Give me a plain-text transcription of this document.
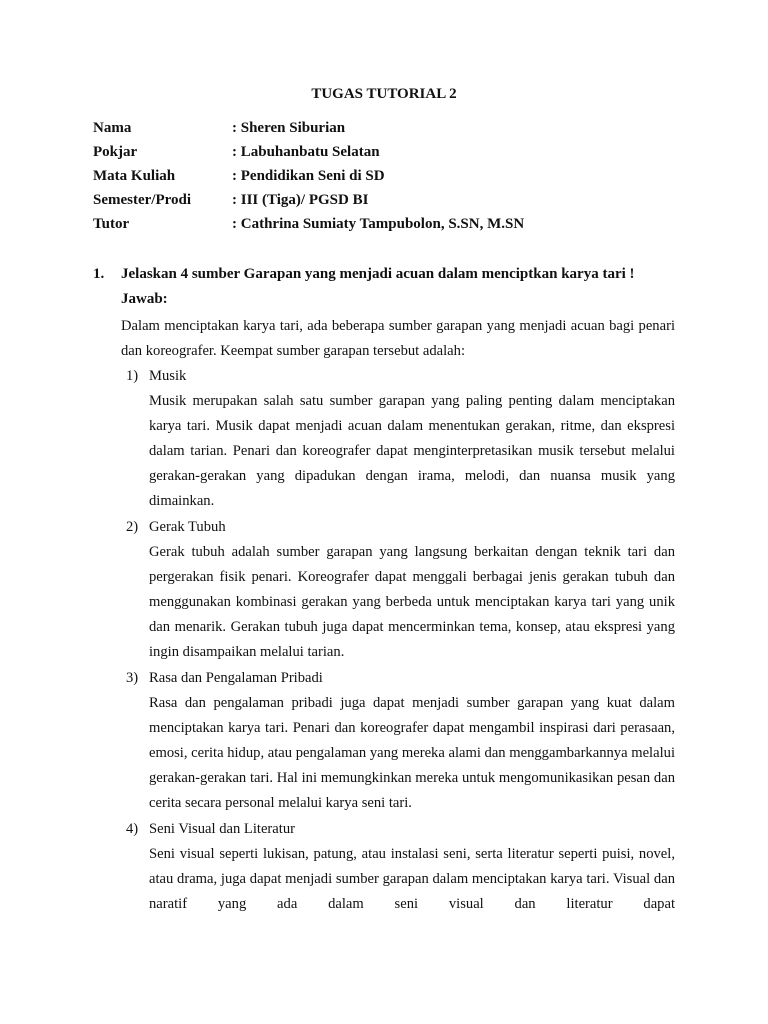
TUGAS TUTORIAL 2
Nama	: Sheren Siburian
Pokjar	: Labuhanbatu Selatan
Mata Kuliah	: Pendidikan Seni di SD
Semester/Prodi	: III (Tiga)/ PGSD BI
Tutor	: Cathrina Sumiaty Tampubolon, S.SN, M.SN
1. Jelaskan 4 sumber Garapan yang menjadi acuan dalam menciptkan karya tari !
Jawab:
Dalam menciptakan karya tari, ada beberapa sumber garapan yang menjadi acuan bagi penari dan koreografer. Keempat sumber garapan tersebut adalah:
1) Musik
Musik merupakan salah satu sumber garapan yang paling penting dalam menciptakan karya tari. Musik dapat menjadi acuan dalam menentukan gerakan, ritme, dan ekspresi dalam tarian. Penari dan koreografer dapat menginterpretasikan musik tersebut melalui gerakan-gerakan yang dipadukan dengan irama, melodi, dan nuansa musik yang dimainkan.
2) Gerak Tubuh
Gerak tubuh adalah sumber garapan yang langsung berkaitan dengan teknik tari dan pergerakan fisik penari. Koreografer dapat menggali berbagai jenis gerakan tubuh dan menggunakan kombinasi gerakan yang berbeda untuk menciptakan karya tari yang unik dan menarik. Gerakan tubuh juga dapat mencerminkan tema, konsep, atau ekspresi yang ingin disampaikan melalui tarian.
3) Rasa dan Pengalaman Pribadi
Rasa dan pengalaman pribadi juga dapat menjadi sumber garapan yang kuat dalam menciptakan karya tari. Penari dan koreografer dapat mengambil inspirasi dari perasaan, emosi, cerita hidup, atau pengalaman yang mereka alami dan menggambarkannya melalui gerakan-gerakan tari. Hal ini memungkinkan mereka untuk mengomunikasikan pesan dan cerita secara personal melalui karya seni tari.
4) Seni Visual dan Literatur
Seni visual seperti lukisan, patung, atau instalasi seni, serta literatur seperti puisi, novel, atau drama, juga dapat menjadi sumber garapan dalam menciptakan karya tari. Visual dan naratif yang ada dalam seni visual dan literatur dapat
